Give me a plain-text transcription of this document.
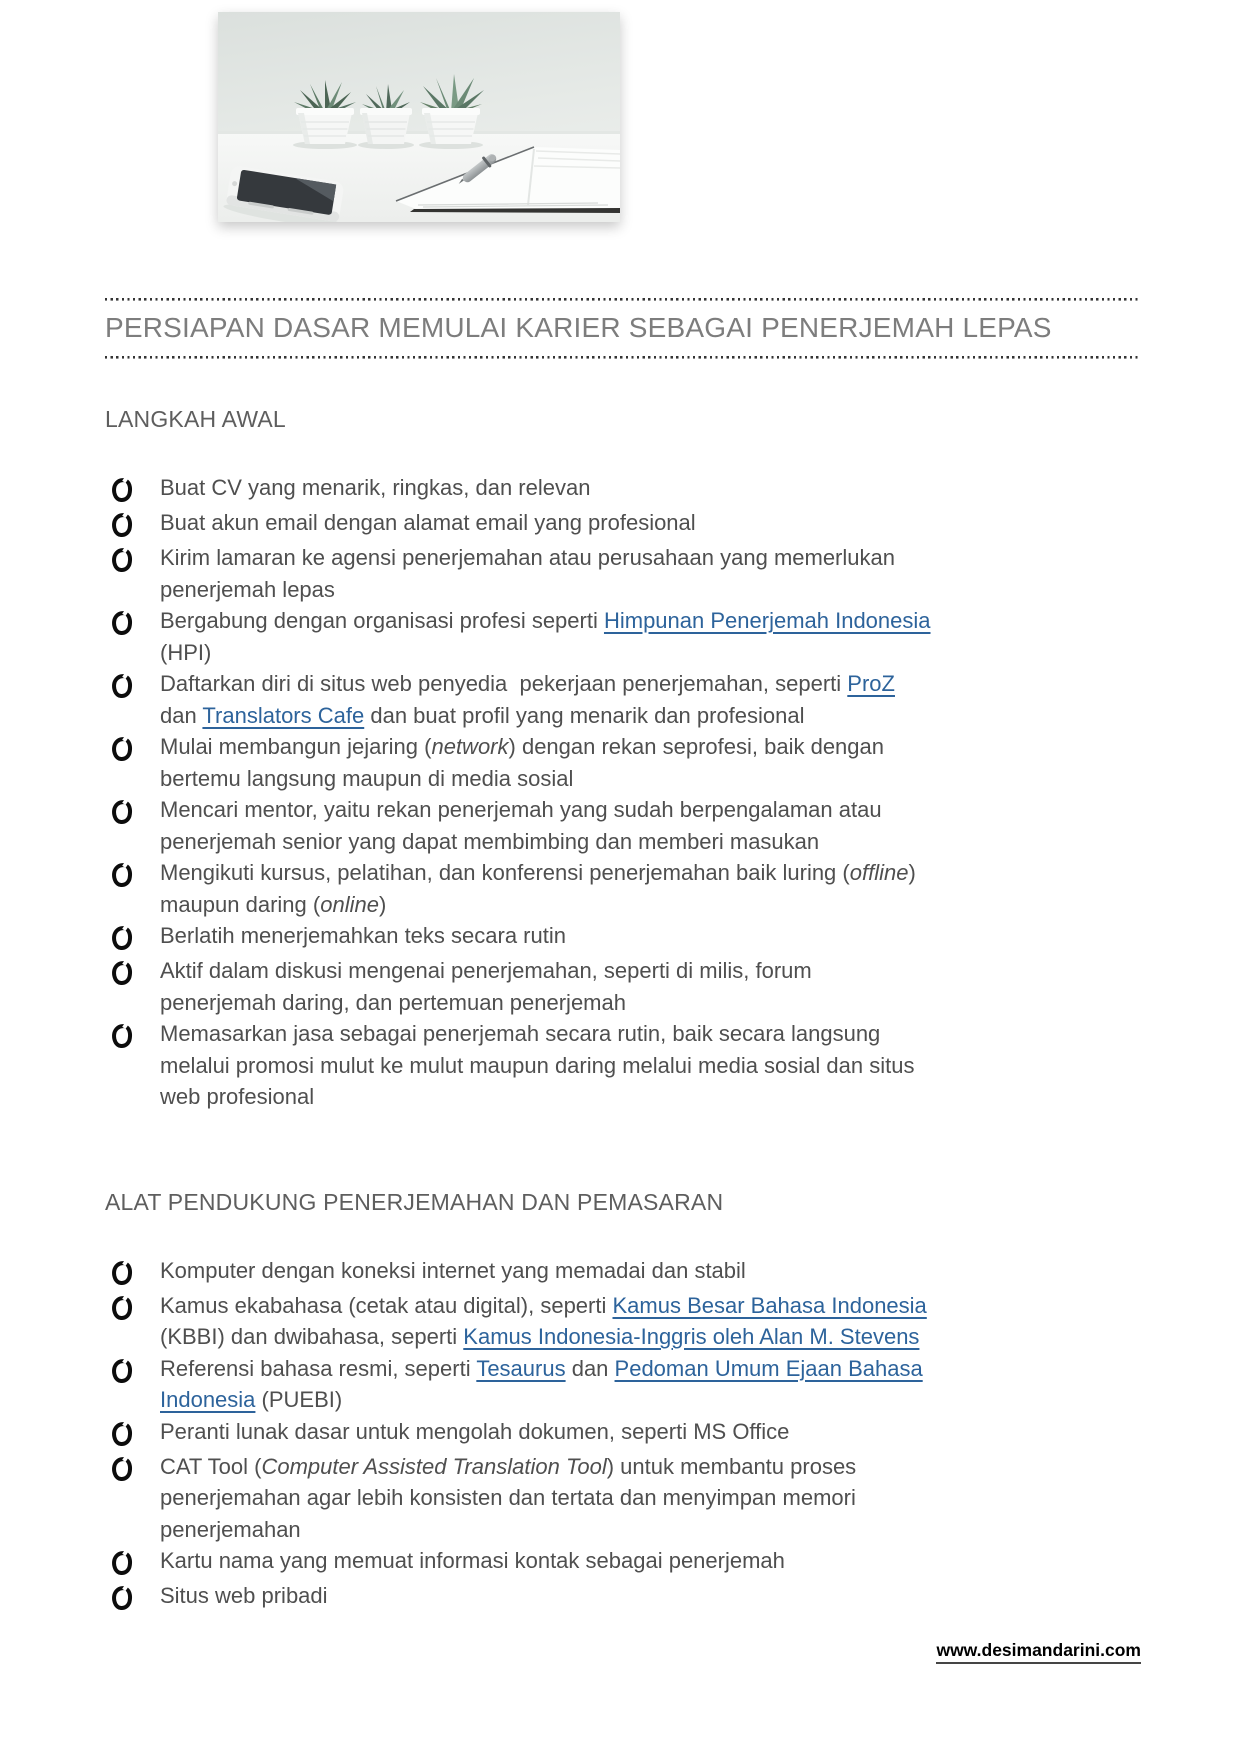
PERSIAPAN DASAR MEMULAI KARIER SEBAGAI PENERJEMAH LEPAS
LANGKAH AWAL
Buat CV yang menarik, ringkas, dan relevan
Buat akun email dengan alamat email yang profesional
Kirim lamaran ke agensi penerjemahan atau perusahaan yang memerlukan
penerjemah lepas
Bergabung dengan organisasi profesi seperti Himpunan Penerjemah Indonesia
(HPI)
Daftarkan diri di situs web penyedia  pekerjaan penerjemahan, seperti ProZ
dan Translators Cafe dan buat profil yang menarik dan profesional
Mulai membangun jejaring (network) dengan rekan seprofesi, baik dengan
bertemu langsung maupun di media sosial
Mencari mentor, yaitu rekan penerjemah yang sudah berpengalaman atau
penerjemah senior yang dapat membimbing dan memberi masukan
Mengikuti kursus, pelatihan, dan konferensi penerjemahan baik luring (offline)
maupun daring (online)
Berlatih menerjemahkan teks secara rutin
Aktif dalam diskusi mengenai penerjemahan, seperti di milis, forum
penerjemah daring, dan pertemuan penerjemah
Memasarkan jasa sebagai penerjemah secara rutin, baik secara langsung
melalui promosi mulut ke mulut maupun daring melalui media sosial dan situs
web profesional
ALAT PENDUKUNG PENERJEMAHAN DAN PEMASARAN
Komputer dengan koneksi internet yang memadai dan stabil
Kamus ekabahasa (cetak atau digital), seperti Kamus Besar Bahasa Indonesia
(KBBI) dan dwibahasa, seperti Kamus Indonesia-Inggris oleh Alan M. Stevens
Referensi bahasa resmi, seperti Tesaurus dan Pedoman Umum Ejaan Bahasa
Indonesia (PUEBI)
Peranti lunak dasar untuk mengolah dokumen, seperti MS Office
CAT Tool (Computer Assisted Translation Tool) untuk membantu proses
penerjemahan agar lebih konsisten dan tertata dan menyimpan memori
penerjemahan
Kartu nama yang memuat informasi kontak sebagai penerjemah
Situs web pribadi
www.desimandarini.com
